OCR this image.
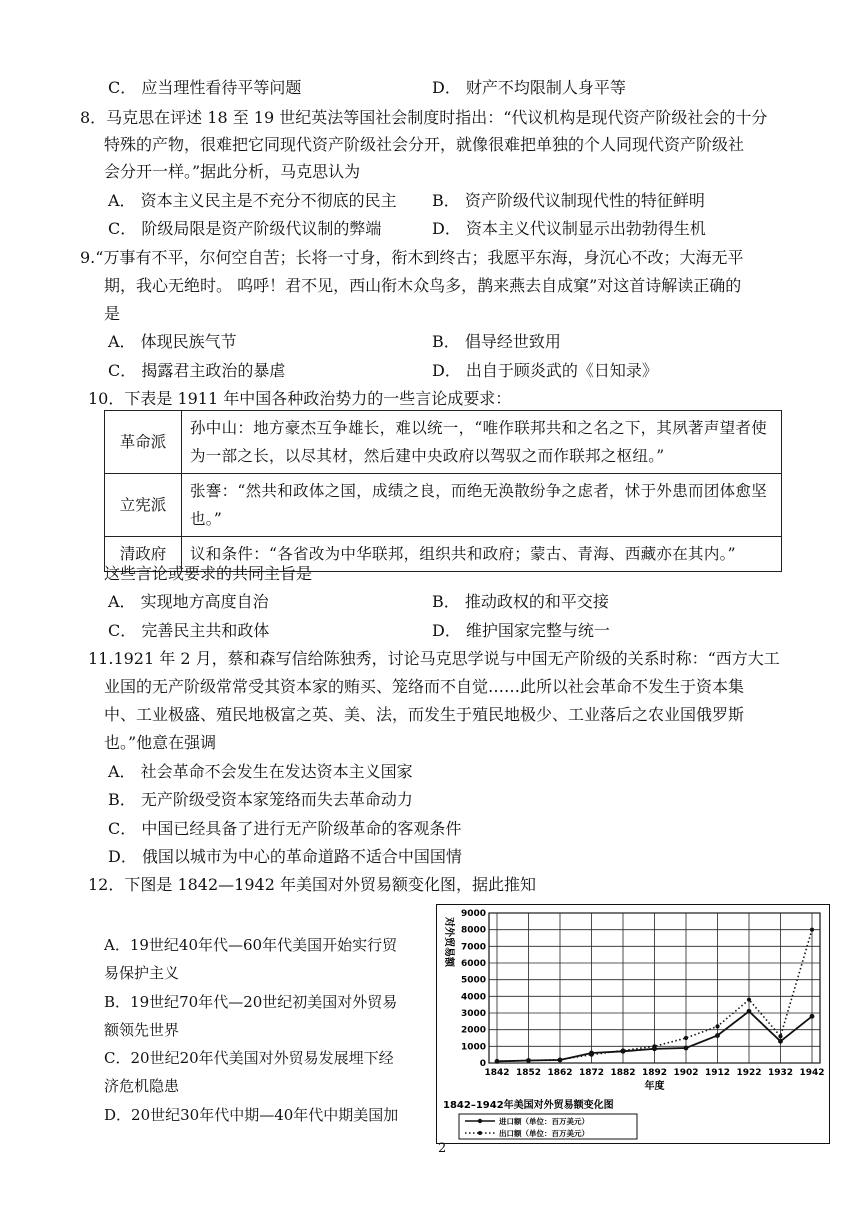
C． 应当理性看待平等问题	D． 财产不均限制人身平等
8．马克思在评述 18 至 19 世纪英法等国社会制度时指出：“代议机构是现代资产阶级社会的十分
特殊的产物，很难把它同现代资产阶级社会分开，就像很难把单独的个人同现代资产阶级社
会分开一样。”据此分析，马克思认为
A． 资本主义民主是不充分不彻底的民主 B． 资产阶级代议制现代性的特征鲜明
C． 阶级局限是资产阶级代议制的弊端	D． 资本主义代议制显示出勃勃得生机
9.“万事有不平，尔何空自苦；长将一寸身，衔木到终古；我愿平东海，身沉心不改；大海无平
期，我心无绝时。 呜呼！君不见，西山衔木众鸟多，鹊来燕去自成窠”对这首诗解读正确的
是
A． 体现民族气节	B． 倡导经世致用
C． 揭露君主政治的暴虐	D． 出自于顾炎武的《日知录》
10．下表是 1911 年中国各种政治势力的一些言论成要求：
革命派	孙中山：地方豪杰互争雄长，难以统一，“唯作联邦共和之名之下，其夙著声望者使为一部之长，以尽其材，然后建中央政府以驾驭之而作联邦之枢纽。”
立宪派	张謇：“然共和政体之国，成绩之良，而绝无涣散纷争之虑者，怵于外患而团体愈坚也。”
清政府	议和条件：“各省改为中华联邦，组织共和政府；蒙古、青海、西藏亦在其内。”
这些言论或要求的共同主旨是
A． 实现地方高度自治	B． 推动政权的和平交接
C． 完善民主共和政体	D． 维护国家完整与统一
11.1921 年 2 月，蔡和森写信给陈独秀，讨论马克思学说与中国无产阶级的关系时称：“西方大工
业国的无产阶级常常受其资本家的贿买、笼络而不自觉……此所以社会革命不发生于资本集
中、工业极盛、殖民地极富之英、美、法，而发生于殖民地极少、工业落后之农业国俄罗斯
也。”他意在强调
A． 社会革命不会发生在发达资本主义国家
B． 无产阶级受资本家笼络而失去革命动力
C． 中国已经具备了进行无产阶级革命的客观条件
D． 俄国以城市为中心的革命道路不适合中国国情
12．下图是 1842—1942 年美国对外贸易额变化图，据此推知
A．19世纪40年代—60年代美国开始实行贸
易保护主义
B．19世纪70年代—20世纪初美国对外贸易
额领先世界
C．20世纪20年代美国对外贸易发展埋下经
济危机隐患
D．20世纪30年代中期—40年代中期美国加
对外贸易额
年度
1842–1942年美国对外贸易额变化图
进口额（单位：百万美元）
出口额（单位：百万美元）
0
1000
2000
3000
4000
5000
6000
7000
8000
9000
1842 1852 1862 1872 1882 1892 1902 1912 1922 1932 1942
2
